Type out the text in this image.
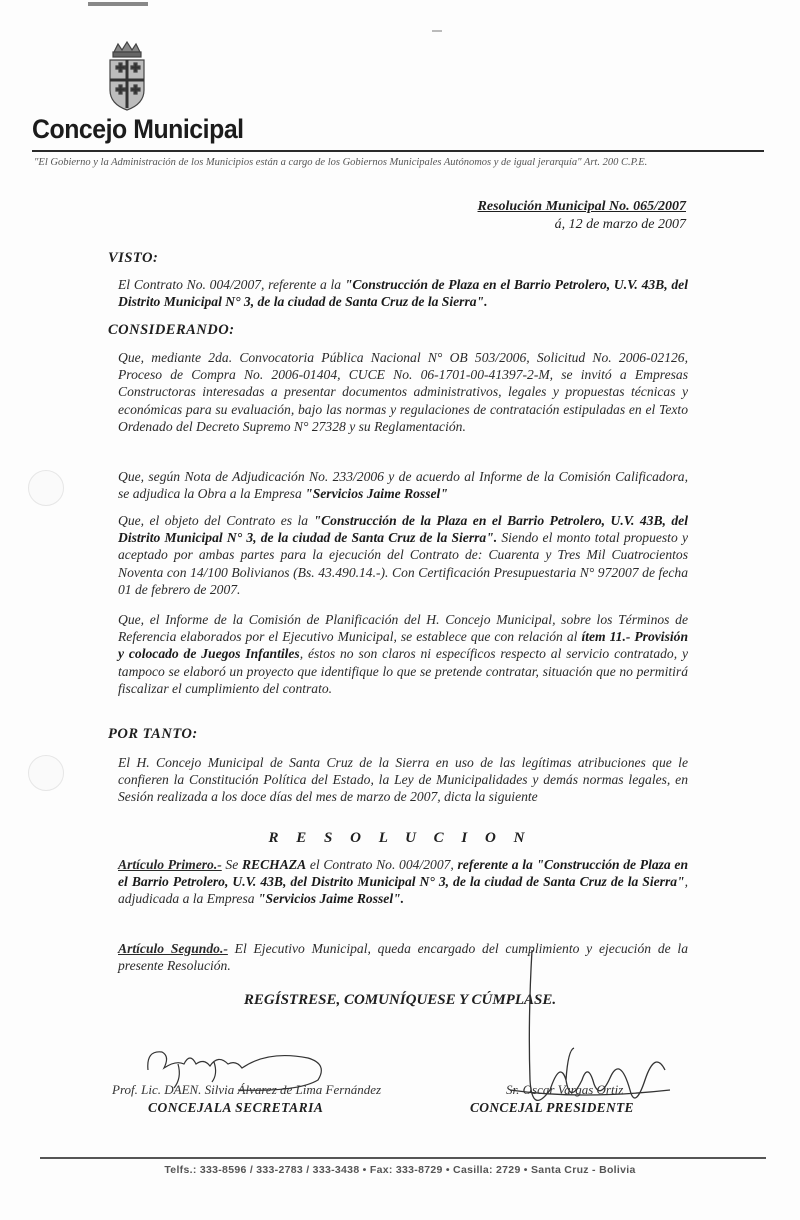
Concejo Municipal
"El Gobierno y la Administración de los Municipios están a cargo de los Gobiernos Municipales Autónomos y de igual jerarquía" Art. 200 C.P.E.
Resolución Municipal No. 065/2007
á, 12 de marzo de 2007
VISTO:
El Contrato No. 004/2007, referente a la "Construcción de Plaza en el Barrio Petrolero, U.V. 43B, del Distrito Municipal N° 3, de la ciudad de Santa Cruz de la Sierra".
CONSIDERANDO:
Que, mediante 2da. Convocatoria Pública Nacional N° OB 503/2006, Solicitud No. 2006-02126, Proceso de Compra No. 2006-01404, CUCE No. 06-1701-00-41397-2-M, se invitó a Empresas Constructoras interesadas a presentar documentos administrativos, legales y propuestas técnicas y económicas para su evaluación, bajo las normas y regulaciones de contratación estipuladas en el Texto Ordenado del Decreto Supremo N° 27328 y su Reglamentación.
Que, según Nota de Adjudicación No. 233/2006 y de acuerdo al Informe de la Comisión Calificadora, se adjudica la Obra a la Empresa "Servicios Jaime Rossel"
Que, el objeto del Contrato es la "Construcción de la Plaza en el Barrio Petrolero, U.V. 43B, del Distrito Municipal N° 3, de la ciudad de Santa Cruz de la Sierra". Siendo el monto total propuesto y aceptado por ambas partes para la ejecución del Contrato de: Cuarenta y Tres Mil Cuatrocientos Noventa con 14/100 Bolivianos (Bs. 43.490.14.-). Con Certificación Presupuestaria N° 972007 de fecha 01 de febrero de 2007.
Que, el Informe de la Comisión de Planificación del H. Concejo Municipal, sobre los Términos de Referencia elaborados por el Ejecutivo Municipal, se establece que con relación al ítem 11.- Provisión y colocado de Juegos Infantiles, éstos no son claros ni específicos respecto al servicio contratado, y tampoco se elaboró un proyecto que identifique lo que se pretende contratar, situación que no permitirá fiscalizar el cumplimiento del contrato.
POR TANTO:
El H. Concejo Municipal de Santa Cruz de la Sierra en uso de las legítimas atribuciones que le confieren la Constitución Política del Estado, la Ley de Municipalidades y demás normas legales, en Sesión realizada a los doce días del mes de marzo de 2007, dicta la siguiente
R E S O L U C I O N
Artículo Primero.- Se RECHAZA el Contrato No. 004/2007, referente a la "Construcción de Plaza en el Barrio Petrolero, U.V. 43B, del Distrito Municipal N° 3, de la ciudad de Santa Cruz de la Sierra", adjudicada a la Empresa "Servicios Jaime Rossel".
Artículo Segundo.- El Ejecutivo Municipal, queda encargado del cumplimiento y ejecución de la presente Resolución.
REGÍSTRESE, COMUNÍQUESE Y CÚMPLASE.
Prof. Lic. DAEN. Silvia Álvarez de Lima Fernández
CONCEJALA SECRETARIA
Sr. Oscar Vargas Ortiz
CONCEJAL PRESIDENTE
Telfs.: 333-8596 / 333-2783 / 333-3438 • Fax: 333-8729 • Casilla: 2729 • Santa Cruz - Bolivia
